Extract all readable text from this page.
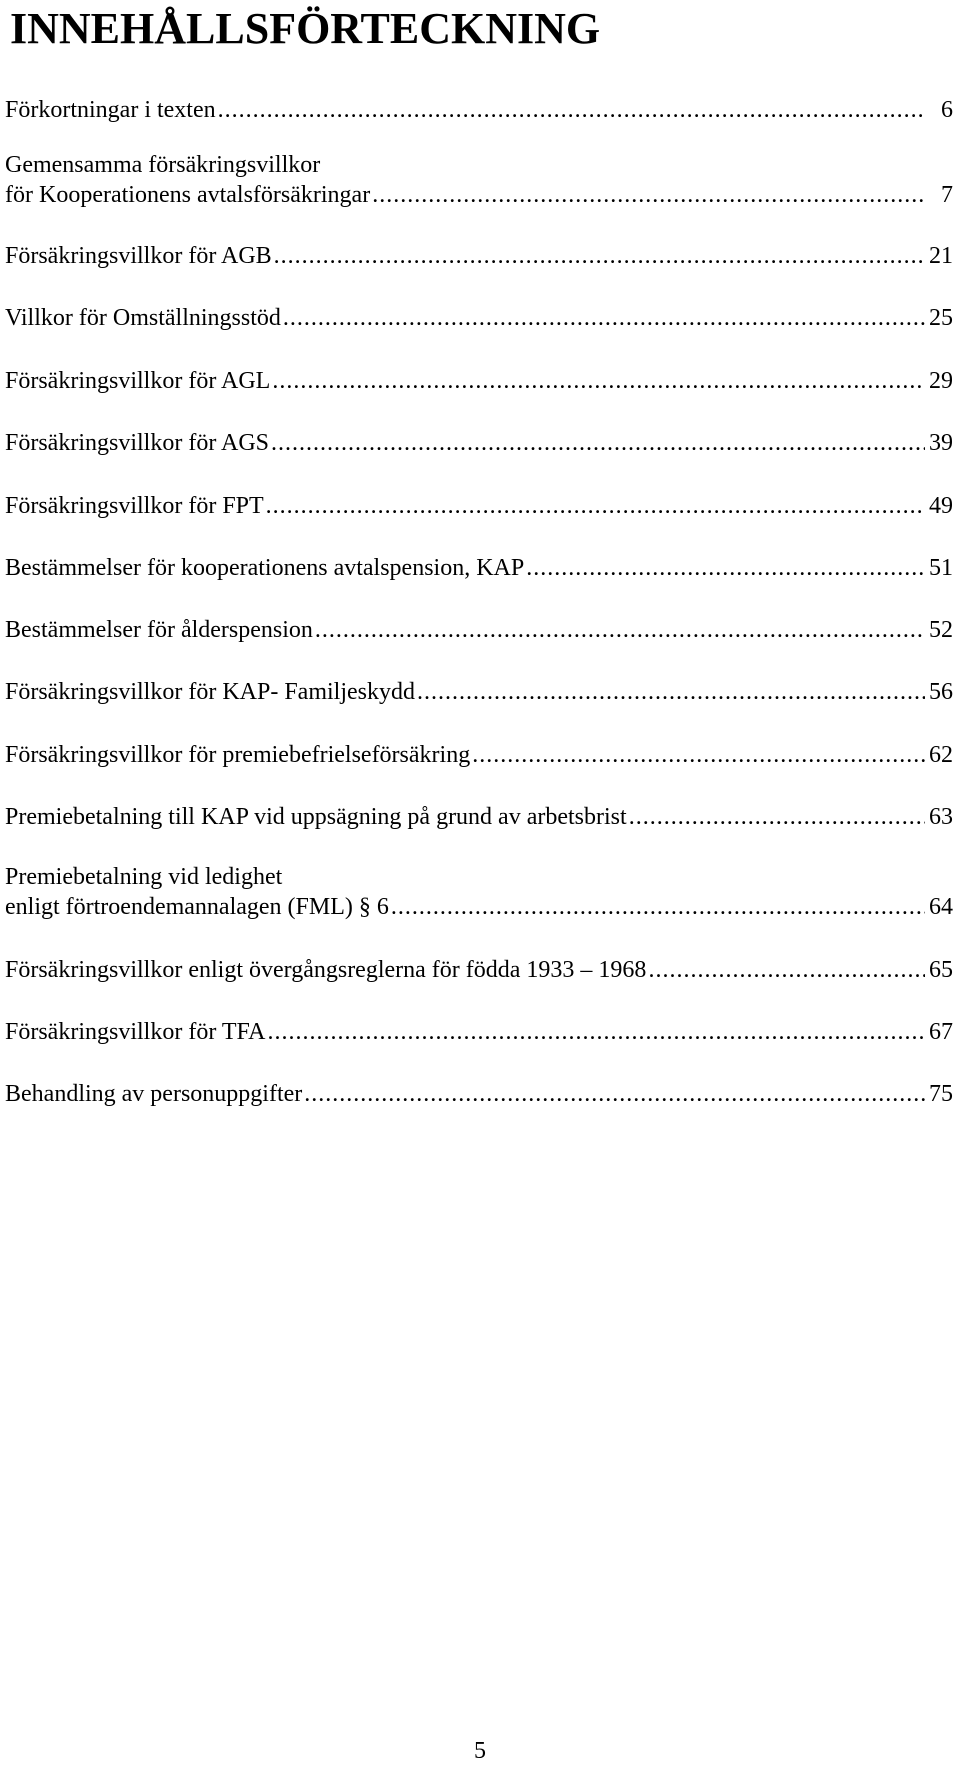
INNEHÅLLSFÖRTECKNING
Förkortningar i texten .....	6
Gemensamma försäkringsvillkor
för Kooperationens avtalsförsäkringar .....	7
Försäkringsvillkor för AGB .....	21
Villkor för Omställningsstöd .....	25
Försäkringsvillkor för AGL .....	29
Försäkringsvillkor för AGS .....	39
Försäkringsvillkor för FPT .....	49
Bestämmelser för kooperationens avtalspension, KAP .....	51
Bestämmelser för ålderspension .....	52
Försäkringsvillkor för KAP- Familjeskydd .....	56
Försäkringsvillkor för premiebefrielseförsäkring .....	62
Premiebetalning till KAP vid uppsägning på grund av arbetsbrist .....	63
Premiebetalning vid ledighet
enligt förtroendemannalagen (FML) § 6 .....	64
Försäkringsvillkor enligt övergångsreglerna för födda 1933 – 1968 .....	65
Försäkringsvillkor för TFA .....	67
Behandling av personuppgifter .....	75
5
